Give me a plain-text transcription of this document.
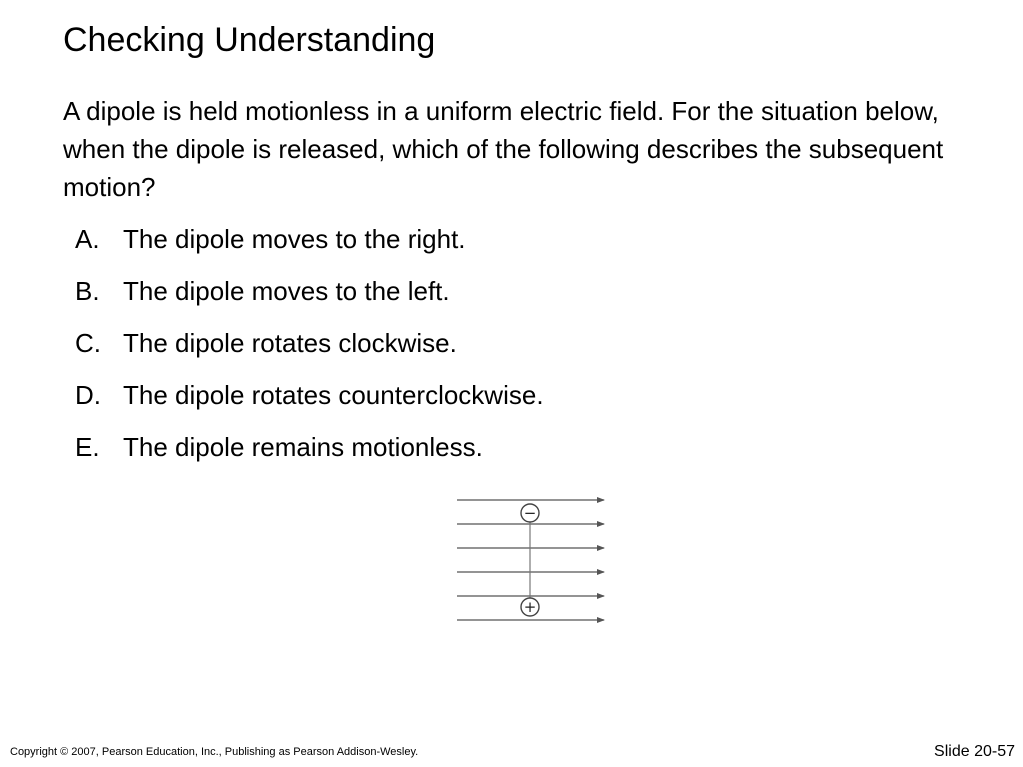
Checking Understanding
A dipole is held motionless in a uniform electric field. For the situation below, when the dipole is released, which of the following describes the subsequent motion?
A. The dipole moves to the right.
B. The dipole moves to the left.
C. The dipole rotates clockwise.
D. The dipole rotates counterclockwise.
E. The dipole remains motionless.
−
+
Copyright © 2007, Pearson Education, Inc., Publishing as Pearson Addison-Wesley.	Slide 20-57
